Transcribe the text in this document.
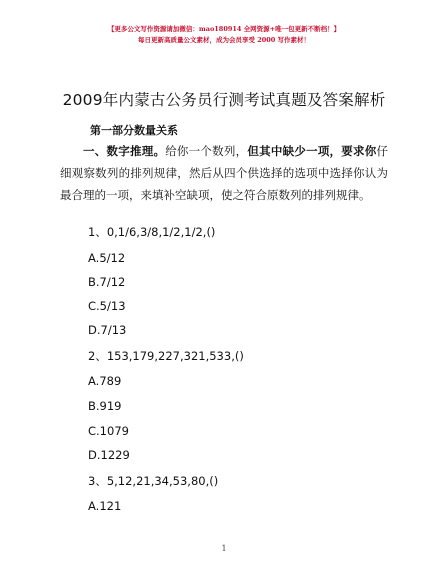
【更多公文写作资源请加微信：mao180914 全网资源+唯一包更新不断档！】
每日更新高质量公文素材，成为会员享受 2000 写作素材！
2009年内蒙古公务员行测考试真题及答案解析
第一部分数量关系
一、数字推理。给你一个数列，但其中缺少一项，要求你仔细观察数列的排列规律，然后从四个供选择的选项中选择你认为最合理的一项，来填补空缺项，使之符合原数列的排列规律。
1、0,1/6,3/8,1/2,1/2,()
A.5/12
B.7/12
C.5/13
D.7/13
2、153,179,227,321,533,()
A.789
B.919
C.1079
D.1229
3、5,12,21,34,53,80,()
A.121
1
